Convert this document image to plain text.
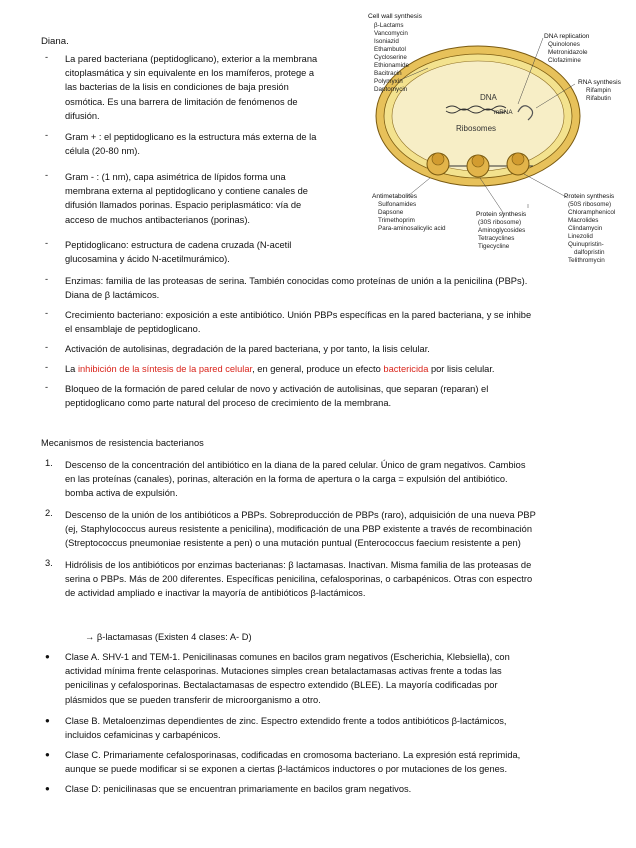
DNA
mRNA
Ribosomes
Cell wall synthesis
β-Lactams
Vancomycin
Isoniazid
Ethambutol
Cycloserine
Ethionamide
Bacitracin
Polymyxin
Daptomycin
DNA replication
Quinolones
Metronidazole
Clofazimine
RNA synthesis
Rifampin
Rifabutin
Antimetabolites
Sulfonamides
Dapsone
Trimethoprim
Para-aminosalicylic acid
Protein synthesis
(30S ribosome)
Aminoglycosides
Tetracyclines
Tigecycline
Protein synthesis
(50S ribosome)
Chloramphenicol
Macrolides
Clindamycin
Linezolid
Quinupristin-
dalfopristin
Telithromycin
Diana.
- La pared bacteriana (peptidoglicano), exterior a la membrana
citoplasmática y sin equivalente en los mamíferos, protege a
las bacterias de la lisis en condiciones de baja presión
osmótica. Es una barrera de limitación de fenómenos de
difusión.
- Gram + : el peptidoglicano es la estructura más externa de la
célula (20-80 nm).
- Gram - : (1 nm), capa asimétrica de lípidos forma una
membrana externa al peptidoglicano y contiene canales de
difusión llamados porinas. Espacio periplasmático: vía de
acceso de muchos antibacterianos (porinas).
- Peptidoglicano: estructura de cadena cruzada (N-acetil
glucosamina y ácido N-acetilmurámico).
- Enzimas: familia de las proteasas de serina. También conocidas como proteínas de unión a la penicilina (PBPs).
Diana de β lactámicos.
- Crecimiento bacteriano: exposición a este antibiótico. Unión PBPs específicas en la pared bacteriana, y se inhibe
el ensamblaje de peptidoglicano.
- Activación de autolisinas, degradación de la pared bacteriana, y por tanto, la lisis celular.
- La inhibición de la síntesis de la pared celular, en general, produce un efecto bactericida por lisis celular.
- Bloqueo de la formación de pared celular de novo y activación de autolisinas, que separan (reparan) el
peptidoglicano como parte natural del proceso de crecimiento de la membrana.
Mecanismos de resistencia bacterianos
1. Descenso de la concentración del antibiótico en la diana de la pared celular. Único de gram negativos. Cambios
en las proteínas (canales), porinas, alteración en la forma de apertura o la carga = expulsión del antibiótico.
bomba activa de expulsión.
2. Descenso de la unión de los antibióticos a PBPs. Sobreproducción de PBPs (raro), adquisición de una nueva PBP
(ej, Staphylococcus aureus resistente a penicilina), modificación de una PBP existente a través de recombinación
(Streptococcus pneumoniae resistente a pen) o una mutación puntual (Enterococcus faecium resistente a pen)
3. Hidrólisis de los antibióticos por enzimas bacterianas: β lactamasas. Inactivan. Misma familia de las proteasas de
serina o PBPs. Más de 200 diferentes. Específicas penicilina, cefalosporinas, o carbapénicos. Otras con espectro
de actividad ampliado e inactivar la mayoría de antibióticos β-lactámicos.
→ β-lactamasas (Existen 4 clases: A- D)
● Clase A. SHV-1 and TEM-1. Penicilinasas comunes en bacilos gram negativos (Escherichia, Klebsiella), con
actividad mínima frente celasporinas. Mutaciones simples crean betalactamasas activas frente a todas las
penicilinas y cefalosporinas. Bectalactamasas de espectro extendido (BLEE). La mayoría codificadas por
plásmidos que se pueden transferir de microorganismo a otro.
● Clase B. Metaloenzimas dependientes de zinc. Espectro extendido frente a todos antibióticos β-lactámicos,
incluidos cefamicinas y carbapénicos.
● Clase C. Primariamente cefalosporinasas, codificadas en cromosoma bacteriano. La expresión está reprimida,
aunque se puede modificar si se exponen a ciertas β-lactámicos inductores o por mutaciones de los genes.
● Clase D: penicilinasas que se encuentran primariamente en bacilos gram negativos.
